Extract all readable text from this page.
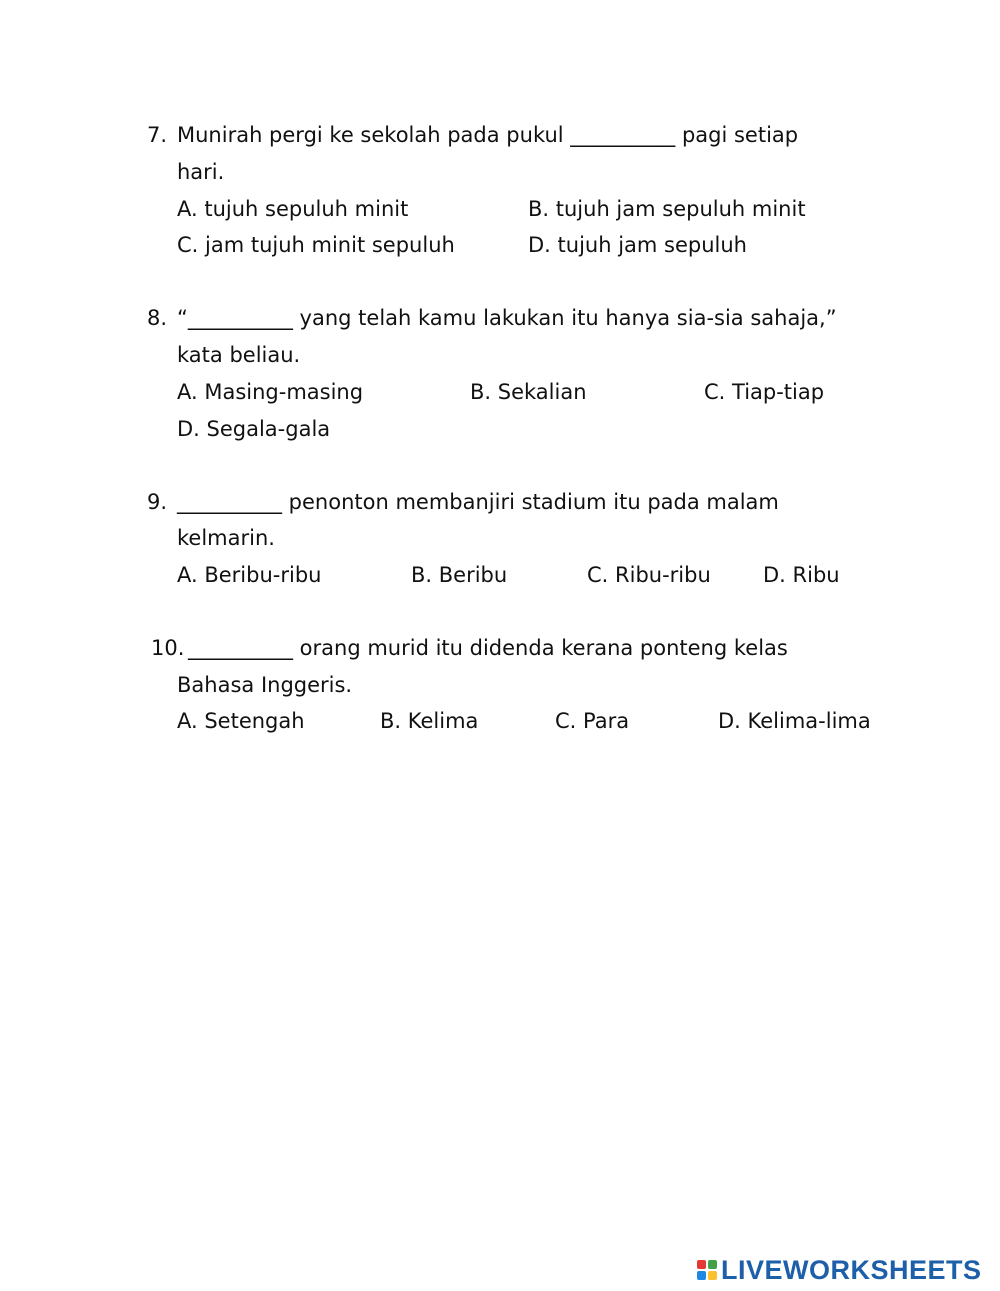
7. Munirah pergi ke sekolah pada pukul __________ pagi setiap
hari.
A. tujuh sepuluh minit	B. tujuh jam sepuluh minit
C. jam tujuh minit sepuluh	D. tujuh jam sepuluh
8. “__________ yang telah kamu lakukan itu hanya sia-sia sahaja,”
kata beliau.
A. Masing-masing	B. Sekalian	C. Tiap-tiap
D. Segala-gala
9. __________ penonton membanjiri stadium itu pada malam
kelmarin.
A. Beribu-ribu	B. Beribu	C. Ribu-ribu D. Ribu
10. __________ orang murid itu didenda kerana ponteng kelas
Bahasa Inggeris.
A. Setengah	B. Kelima	C. Para	D. Kelima-lima
LIVEWORKSHEETS
